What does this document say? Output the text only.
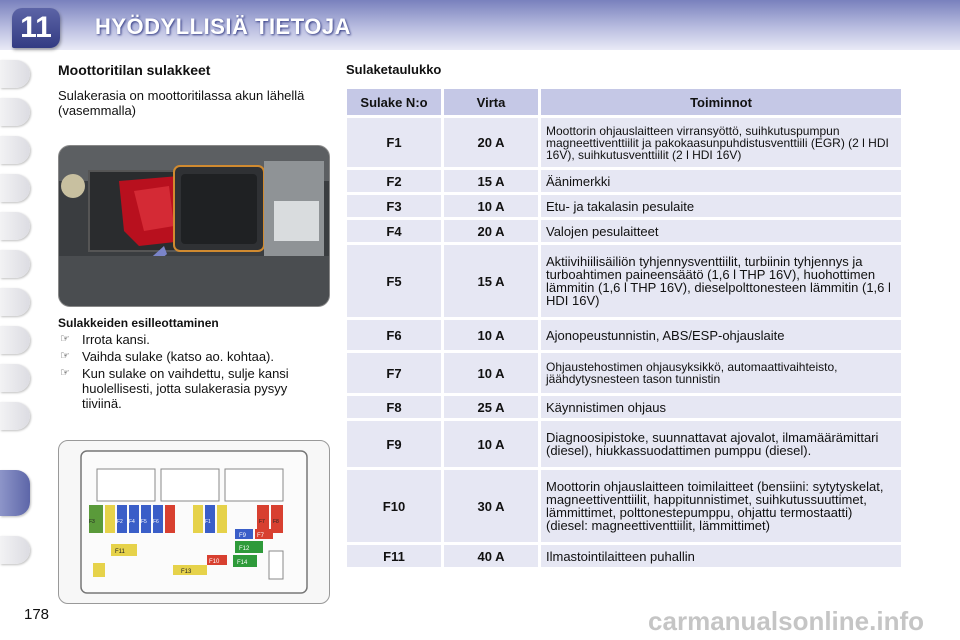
11	HYÖDYLLISIÄ TIETOJA
Moottoritilan sulakkeet
Sulakerasia on moottoritilassa akun lähellä (vasemmalla)
Sulakkeiden esilleottaminen
☞ Irrota kansi.
☞ Vaihda sulake (katso ao. kohtaa).
☞ Kun sulake on vaihdettu, sulje kansi huolellisesti, jotta sulakerasia pysyy tiiviinä.
F3	F2 F4 F5 F6	F1	F7 F8
F11
F9 F7
F12
F10	F14
F13
178
Sulaketaulukko
Sulake N:o	Virta	Toiminnot
F1	20 A	Moottorin ohjauslaitteen virransyöttö, suihkutuspumpun magneettiventtiilit ja pakokaasunpuhdistusventtiili (EGR) (2 l HDI 16V), suihkutusventtiilit (2 l HDI 16V)
F2	15 A	Äänimerkki
F3	10 A	Etu- ja takalasin pesulaite
F4	20 A	Valojen pesulaitteet
F5	15 A	Aktiivihiilisäiliön tyhjennysventtiilit, turbiinin tyhjennys ja turboahtimen paineensäätö (1,6 l THP 16V), huohottimen lämmitin (1,6 l THP 16V), dieselpolttonesteen lämmitin (1,6 l HDI 16V)
F6	10 A	Ajonopeustunnistin, ABS/ESP-ohjauslaite
F7	10 A	Ohjaustehostimen ohjausyksikkö, automaattivaihteisto, jäähdytysnesteen tason tunnistin
F8	25 A	Käynnistimen ohjaus
F9	10 A	Diagnoosipistoke, suunnattavat ajovalot, ilmamäärämittari (diesel), hiukkassuodattimen pumppu (diesel).
F10	30 A	Moottorin ohjauslaitteen toimilaitteet (bensiini: sytytyskelat, magneettiventtiilit, happitunnistimet, suihkutussuuttimet, lämmittimet, polttonestepumppu, ohjattu termostaatti) (diesel: magneettiventtiilit, lämmittimet)
F11	40 A	Ilmastointilaitteen puhallin
carmanualsonline.info
